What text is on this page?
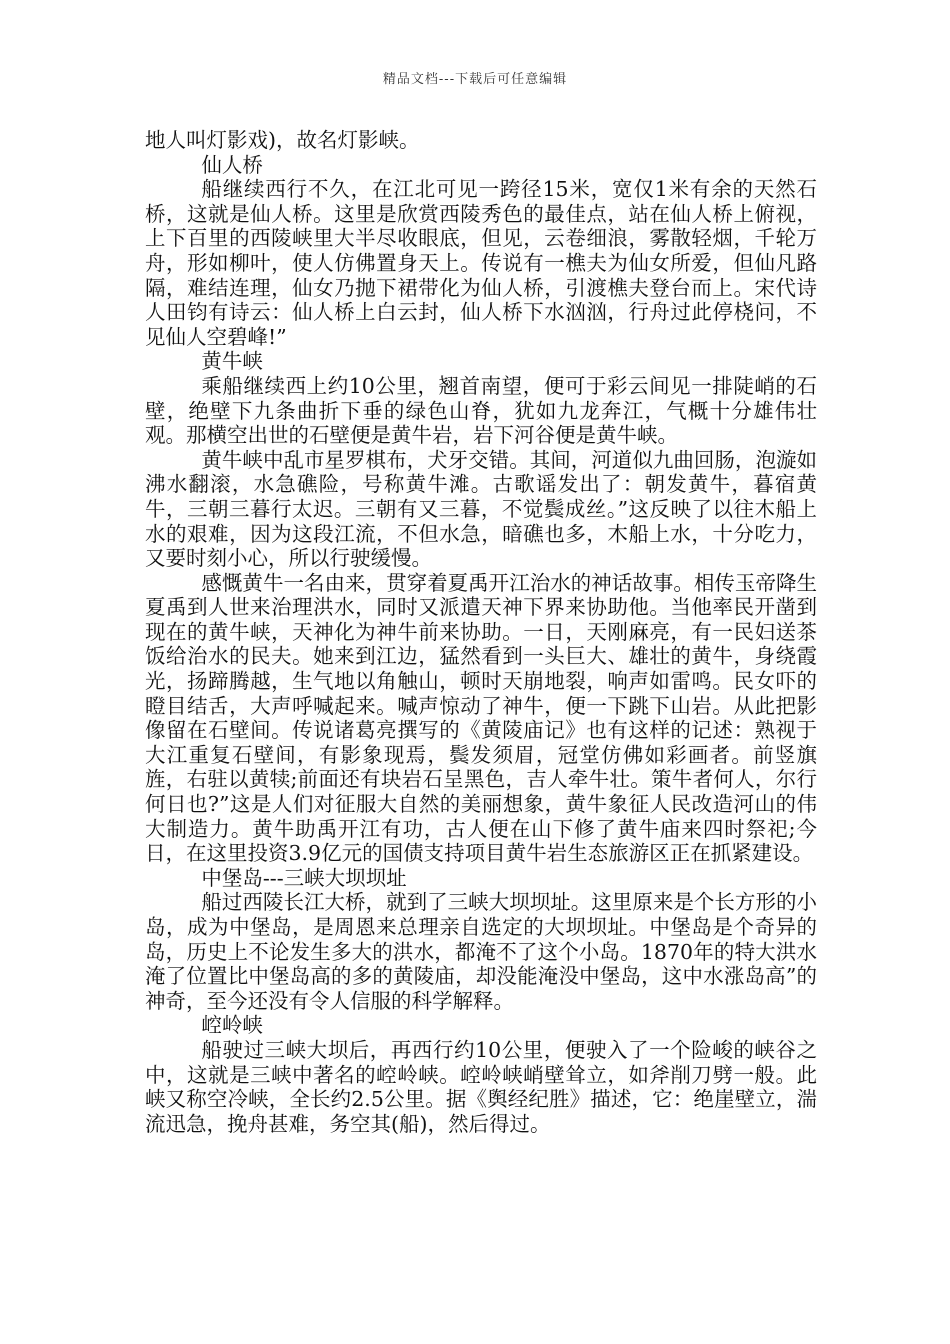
精品文档---下载后可任意编辑

地人叫灯影戏)，故名灯影峡。

仙人桥

船继续西行不久，在江北可见一跨径15米，宽仅1米有余的天然石桥，这就是仙人桥。这里是欣赏西陵秀色的最佳点，站在仙人桥上俯视，上下百里的西陵峡里大半尽收眼底，但见，云卷细浪，雾散轻烟，千轮万舟，形如柳叶，使人仿佛置身天上。传说有一樵夫为仙女所爱，但仙凡路隔，难结连理，仙女乃抛下裙带化为仙人桥，引渡樵夫登台而上。宋代诗人田钧有诗云：仙人桥上白云封，仙人桥下水汹汹，行舟过此停桡问，不见仙人空碧峰!”

黄牛峡

乘船继续西上约10公里，翘首南望，便可于彩云间见一排陡峭的石壁，绝壁下九条曲折下垂的绿色山脊，犹如九龙奔江，气概十分雄伟壮观。那横空出世的石壁便是黄牛岩，岩下河谷便是黄牛峡。

黄牛峡中乱市星罗棋布，犬牙交错。其间，河道似九曲回肠，泡漩如沸水翻滚，水急礁险，号称黄牛滩。古歌谣发出了：朝发黄牛，暮宿黄牛，三朝三暮行太迟。三朝有又三暮，不觉鬓成丝。”这反映了以往木船上水的艰难，因为这段江流，不但水急，暗礁也多，木船上水，十分吃力，又要时刻小心，所以行驶缓慢。

感慨黄牛一名由来，贯穿着夏禹开江治水的神话故事。相传玉帝降生夏禹到人世来治理洪水，同时又派遣天神下界来协助他。当他率民开凿到现在的黄牛峡，天神化为神牛前来协助。一日，天刚麻亮，有一民妇送茶饭给治水的民夫。她来到江边，猛然看到一头巨大、雄壮的黄牛，身绕霞光，扬蹄腾越，生气地以角触山，顿时天崩地裂，响声如雷鸣。民女吓的瞪目结舌，大声呼喊起来。喊声惊动了神牛，便一下跳下山岩。从此把影像留在石壁间。传说诸葛亮撰写的《黄陵庙记》也有这样的记述：熟视于大江重复石壁间，有影象现焉，鬓发须眉，冠堂仿佛如彩画者。前竖旗旌，右驻以黄犊;前面还有块岩石呈黑色，吉人牵牛壮。策牛者何人，尔行何日也?”这是人们对征服大自然的美丽想象，黄牛象征人民改造河山的伟大制造力。黄牛助禹开江有功，古人便在山下修了黄牛庙来四时祭祀;今日，在这里投资3.9亿元的国债支持项目黄牛岩生态旅游区正在抓紧建设。

中堡岛---三峡大坝坝址

船过西陵长江大桥，就到了三峡大坝坝址。这里原来是个长方形的小岛，成为中堡岛，是周恩来总理亲自选定的大坝坝址。中堡岛是个奇异的岛，历史上不论发生多大的洪水，都淹不了这个小岛。1870年的特大洪水淹了位置比中堡岛高的多的黄陵庙，却没能淹没中堡岛，这中水涨岛高”的神奇，至今还没有令人信服的科学解释。

崆岭峡

船驶过三峡大坝后，再西行约10公里，便驶入了一个险峻的峡谷之中，这就是三峡中著名的崆岭峡。崆岭峡峭壁耸立，如斧削刀劈一般。此峡又称空冷峡，全长约2.5公里。据《舆经纪胜》描述，它：绝崖壁立，湍流迅急，挽舟甚难，务空其(船)，然后得过。
